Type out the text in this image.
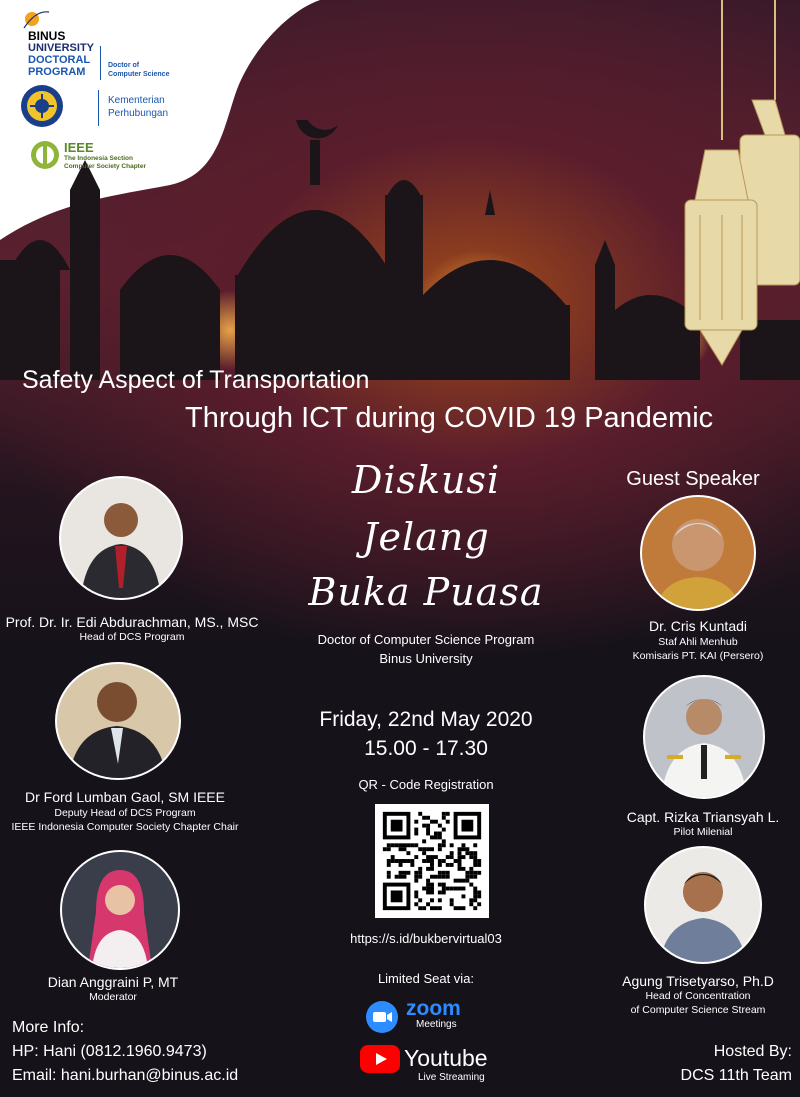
BINUS
UNIVERSITY
DOCTORAL
PROGRAM
Doctor of
Computer Science
Kementerian
Perhubungan
IEEE
The Indonesia Section
Computer Society Chapter
Safety Aspect of Transportation
Through ICT during COVID 19 Pandemic
Diskusi
Jelang
Buka Puasa
Doctor of Computer Science Program
Binus University
Friday, 22nd May 2020
15.00 - 17.30
QR - Code Registration
https://s.id/bukbervirtual03
Limited Seat via:
zoom
Meetings
Youtube
Live Streaming
Prof. Dr. Ir. Edi Abdurachman, MS., MSC
Head of DCS Program
Dr Ford Lumban Gaol, SM IEEE
Deputy Head of DCS Program
IEEE Indonesia Computer Society Chapter Chair
Dian Anggraini P, MT
Moderator
Guest Speaker
Dr. Cris Kuntadi
Staf Ahli Menhub
Komisaris PT. KAI (Persero)
Capt. Rizka Triansyah L.
Pilot Milenial
Agung Trisetyarso, Ph.D
Head of Concentration
of Computer Science Stream
More Info:
HP: Hani (0812.1960.9473)
Email: hani.burhan@binus.ac.id
Hosted By:
DCS 11th Team
